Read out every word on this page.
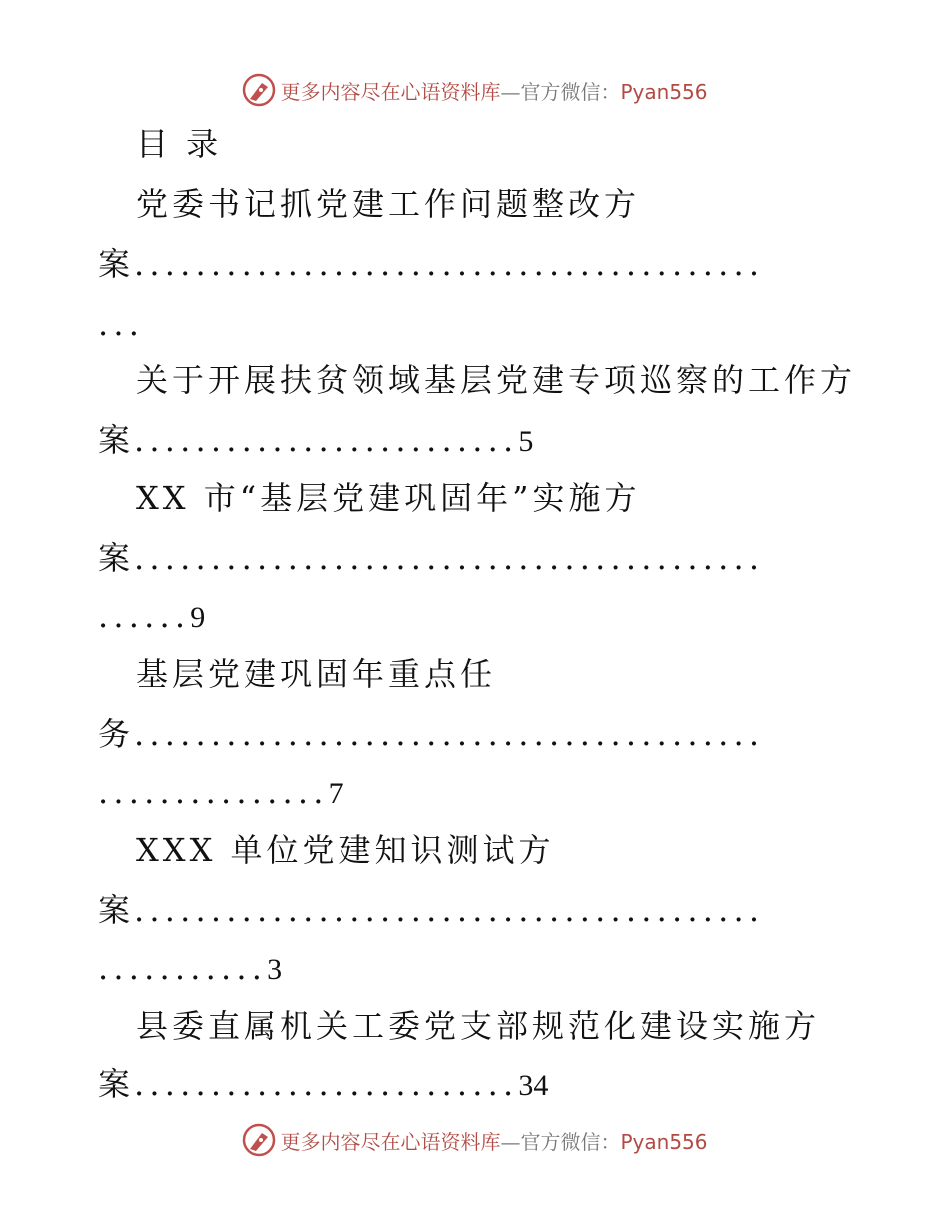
更多内容尽在心语资料库—官方微信：Pyan556
目 录
党委书记抓党建工作问题整改方
案.........................................
...
关于开展扶贫领域基层党建专项巡察的工作方
案.........................5
XX 市“基层党建巩固年”实施方
案.........................................
......9
基层党建巩固年重点任
务.........................................
...............7
XXX 单位党建知识测试方
案.........................................
...........3
县委直属机关工委党支部规范化建设实施方
案.........................34
更多内容尽在心语资料库—官方微信：Pyan556
